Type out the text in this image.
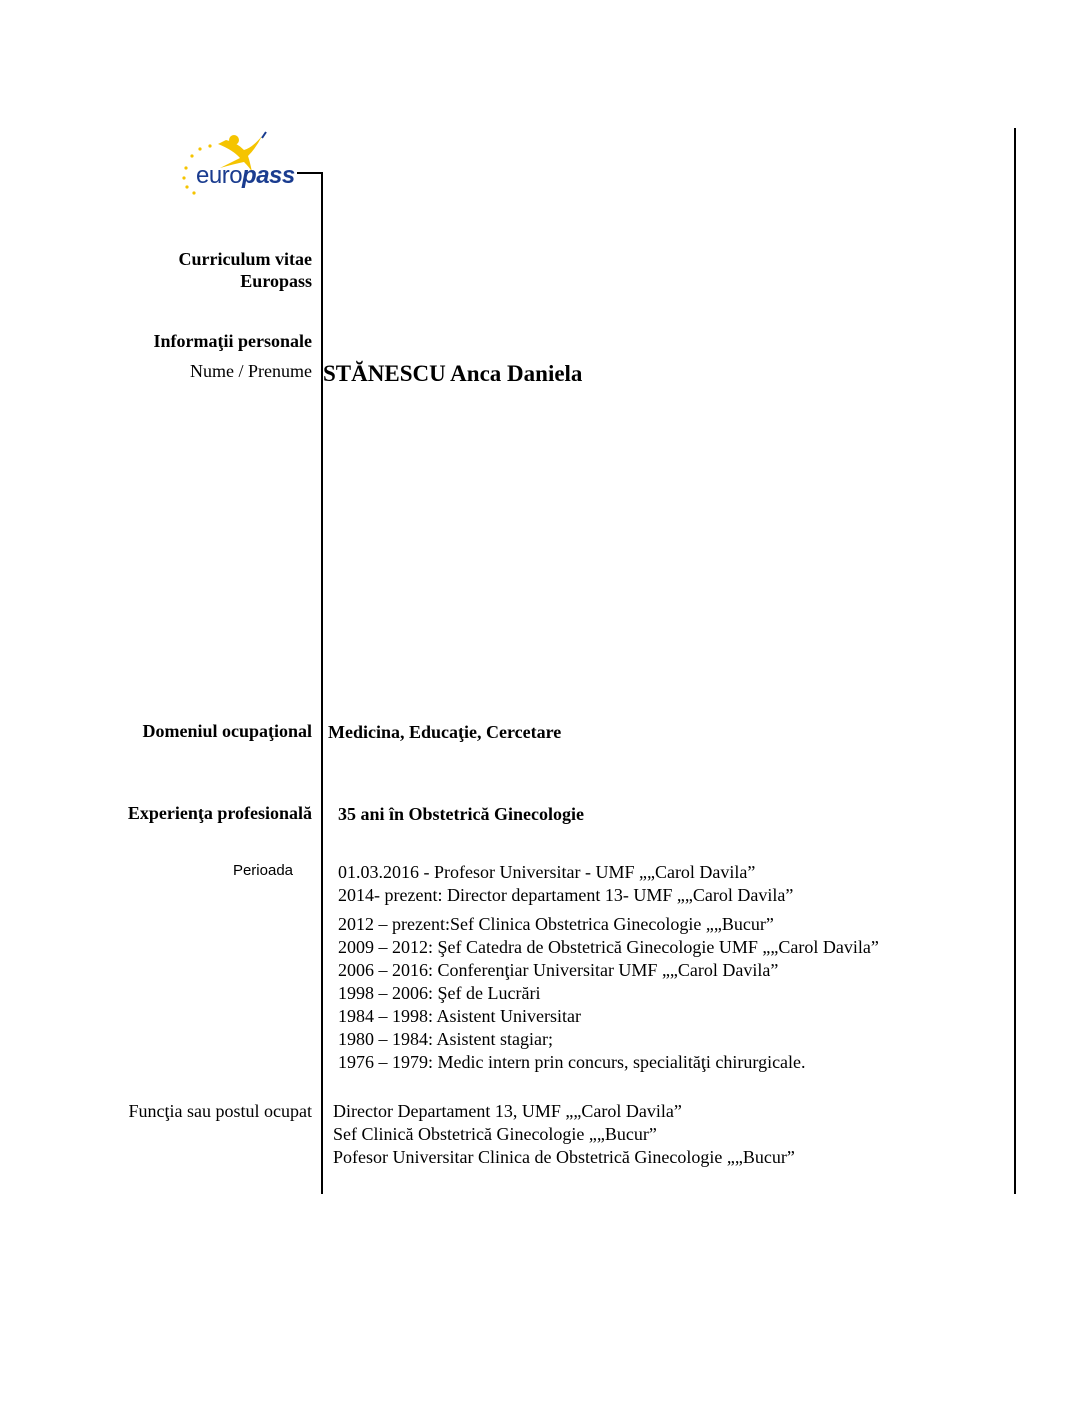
europass
Curriculum vitae
Europass
Informaţii personale
Nume / Prenume STĂNESCU Anca Daniela
Domeniul ocupaţional Medicina, Educaţie, Cercetare
Experienţa profesională 35 ani în Obstetrică Ginecologie
Perioada	01.03.2016 - Profesor Universitar - UMF „„Carol Davila”
2014- prezent: Director departament 13- UMF „„Carol Davila”
2012 – prezent:Sef Clinica Obstetrica Ginecologie „„Bucur”
2009 – 2012: Şef Catedra de Obstetrică Ginecologie UMF „„Carol Davila”
2006 – 2016: Conferenţiar Universitar UMF „„Carol Davila”
1998 – 2006: Şef de Lucrări
1984 – 1998: Asistent Universitar
1980 – 1984: Asistent stagiar;
1976 – 1979: Medic intern prin concurs, specialităţi chirurgicale.
Funcţia sau postul ocupat Director Departament 13, UMF „„Carol Davila”
Sef Clinică Obstetrică Ginecologie „„Bucur”
Pofesor Universitar Clinica de Obstetrică Ginecologie „„Bucur”
